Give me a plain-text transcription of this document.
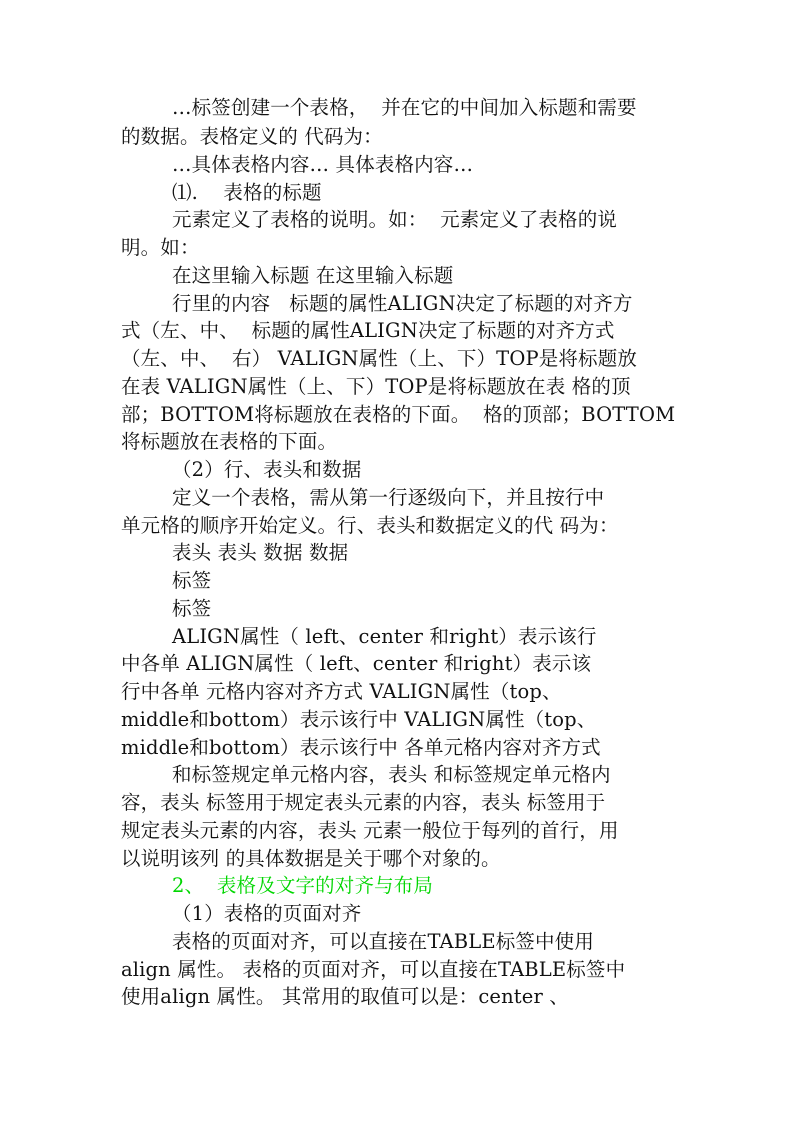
…标签创建一个表格，  并在它的中间加入标题和需要
的数据。表格定义的 代码为：
…具体表格内容… 具体表格内容…
⑴.    表格的标题
元素定义了表格的说明。如：  元素定义了表格的说
明。如：
在这里输入标题 在这里输入标题
行里的内容   标题的属性ALIGN决定了标题的对齐方
式（左、中、  标题的属性ALIGN决定了标题的对齐方式
（左、中、  右） VALIGN属性（上、下）TOP是将标题放
在表 VALIGN属性（上、下）TOP是将标题放在表 格的顶
部；BOTTOM将标题放在表格的下面。  格的顶部；BOTTOM
将标题放在表格的下面。
（2）行、表头和数据
定义一个表格，需从第一行逐级向下，并且按行中
单元格的顺序开始定义。行、表头和数据定义的代 码为：
表头 表头 数据 数据
标签
标签
ALIGN属性（ left、center 和right）表示该行
中各单 ALIGN属性（ left、center 和right）表示该
行中各单 元格内容对齐方式 VALIGN属性（top、
middle和bottom）表示该行中 VALIGN属性（top、
middle和bottom）表示该行中 各单元格内容对齐方式
和标签规定单元格内容，表头 和标签规定单元格内
容，表头 标签用于规定表头元素的内容，表头 标签用于
规定表头元素的内容，表头 元素一般位于每列的首行，用
以说明该列 的具体数据是关于哪个对象的。
2、  表格及文字的对齐与布局
（1）表格的页面对齐
表格的页面对齐，可以直接在TABLE标签中使用
align 属性。 表格的页面对齐，可以直接在TABLE标签中
使用align 属性。 其常用的取值可以是：center 、
